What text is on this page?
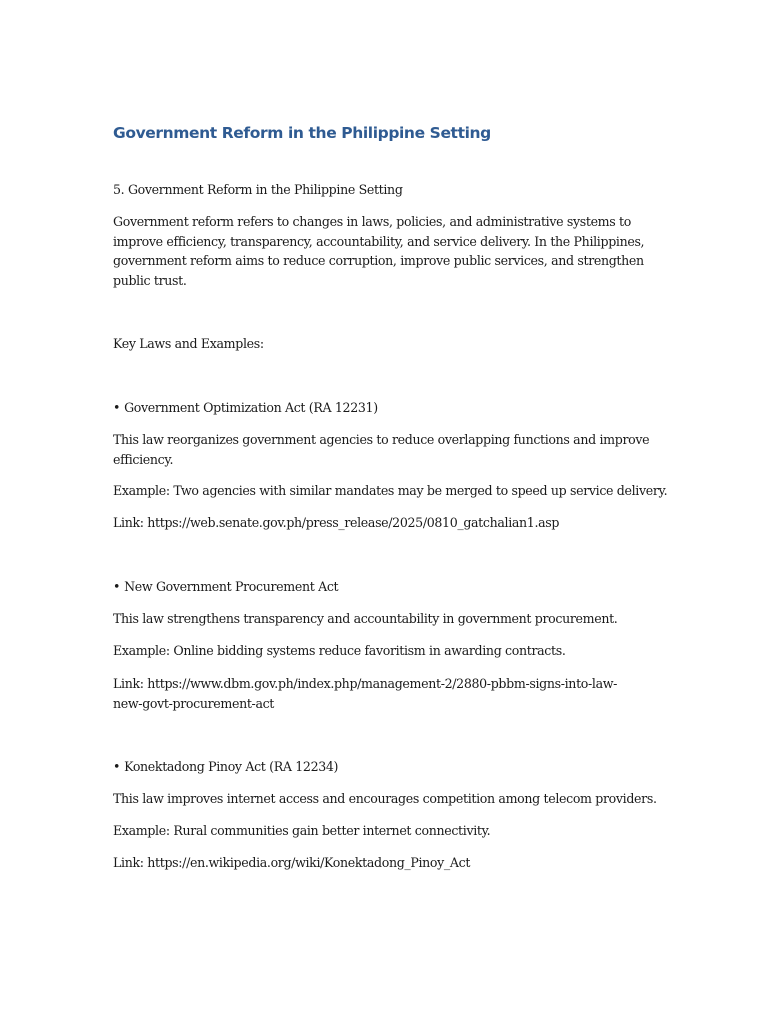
Government Reform in the Philippine Setting

5. Government Reform in the Philippine Setting

Government reform refers to changes in laws, policies, and administrative systems to
improve efficiency, transparency, accountability, and service delivery. In the Philippines,
government reform aims to reduce corruption, improve public services, and strengthen
public trust.

Key Laws and Examples:

• Government Optimization Act (RA 12231)

This law reorganizes government agencies to reduce overlapping functions and improve
efficiency.

Example: Two agencies with similar mandates may be merged to speed up service delivery.

Link: https://web.senate.gov.ph/press_release/2025/0810_gatchalian1.asp

• New Government Procurement Act

This law strengthens transparency and accountability in government procurement.

Example: Online bidding systems reduce favoritism in awarding contracts.

Link: https://www.dbm.gov.ph/index.php/management-2/2880-pbbm-signs-into-law-
new-govt-procurement-act

• Konektadong Pinoy Act (RA 12234)

This law improves internet access and encourages competition among telecom providers.

Example: Rural communities gain better internet connectivity.

Link: https://en.wikipedia.org/wiki/Konektadong_Pinoy_Act
